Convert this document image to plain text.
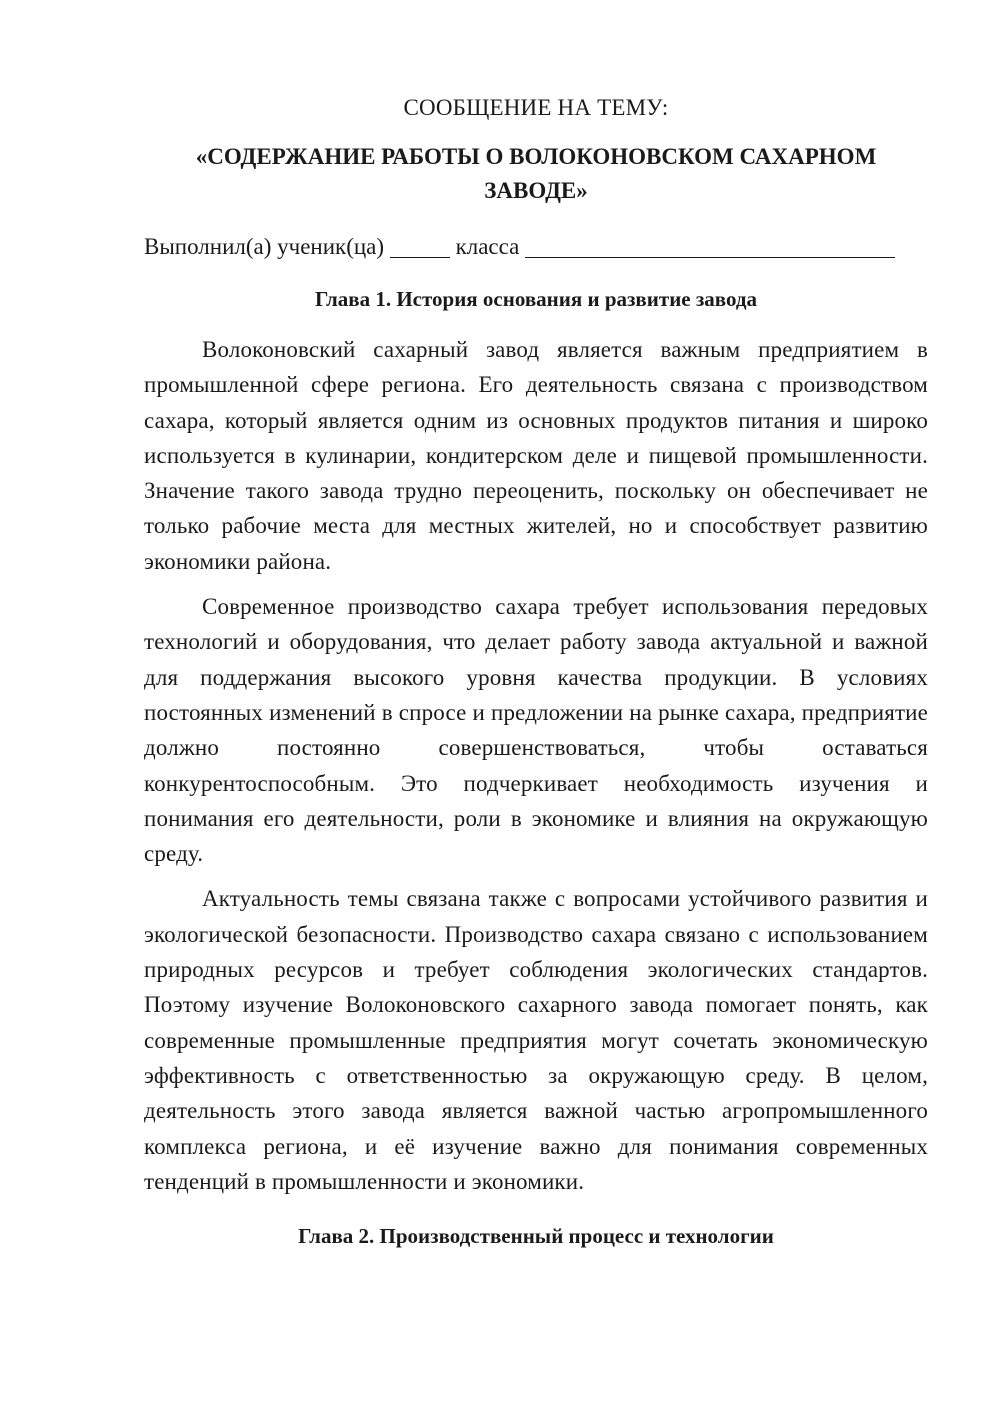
СООБЩЕНИЕ НА ТЕМУ:

«СОДЕРЖАНИЕ РАБОТЫ О ВОЛОКОНОВСКОМ САХАРНОМ ЗАВОДЕ»

Выполнил(а) ученик(ца)	класса

Глава 1. История основания и развитие завода

Волоконовский сахарный завод является важным предприятием в промышленной сфере региона. Его деятельность связана с производством сахара, который является одним из основных продуктов питания и широко используется в кулинарии, кондитерском деле и пищевой промышленности. Значение такого завода трудно переоценить, поскольку он обеспечивает не только рабочие места для местных жителей, но и способствует развитию экономики района.

Современное производство сахара требует использования передовых технологий и оборудования, что делает работу завода актуальной и важной для поддержания высокого уровня качества продукции. В условиях постоянных изменений в спросе и предложении на рынке сахара, предприятие должно постоянно совершенствоваться, чтобы оставаться конкурентоспособным. Это подчеркивает необходимость изучения и понимания его деятельности, роли в экономике и влияния на окружающую среду.

Актуальность темы связана также с вопросами устойчивого развития и экологической безопасности. Производство сахара связано с использованием природных ресурсов и требует соблюдения экологических стандартов. Поэтому изучение Волоконовского сахарного завода помогает понять, как современные промышленные предприятия могут сочетать экономическую эффективность с ответственностью за окружающую среду. В целом, деятельность этого завода является важной частью агропромышленного комплекса региона, и её изучение важно для понимания современных тенденций в промышленности и экономики.

Глава 2. Производственный процесс и технологии
